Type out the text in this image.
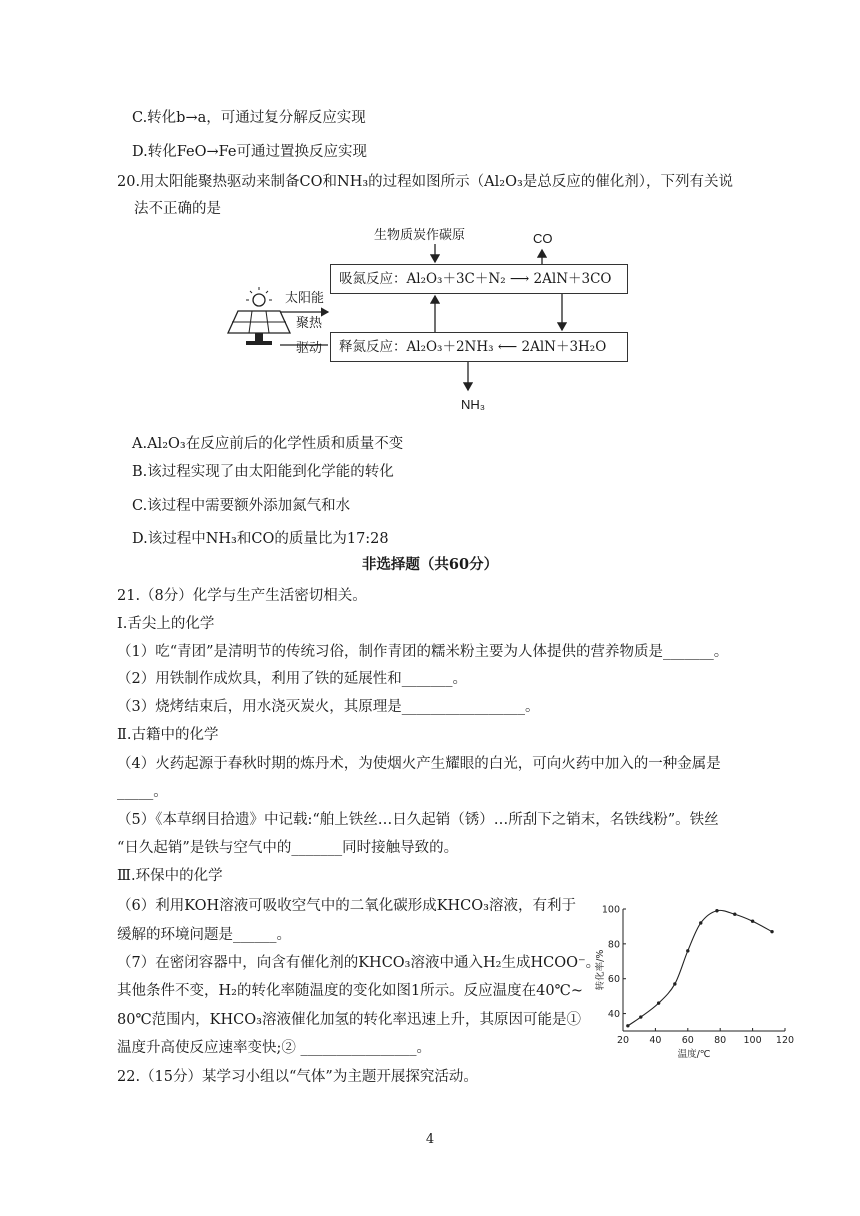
C.转化b→a，可通过复分解反应实现
D.转化FeO→Fe可通过置换反应实现
20.用太阳能聚热驱动来制备CO和NH₃的过程如图所示（Al₂O₃是总反应的催化剂），下列有关说
法不正确的是
生物质炭作碳原	CO
吸氮反应：Al₂O₃＋3C＋N₂ ⟶ 2AlN＋3CO
释氮反应：Al₂O₃＋2NH₃ ⟵ 2AlN＋3H₂O
NH₃
太阳能
聚热
驱动
A.Al₂O₃在反应前后的化学性质和质量不变
B.该过程实现了由太阳能到化学能的转化
C.该过程中需要额外添加氮气和水
D.该过程中NH₃和CO的质量比为17:28
非选择题（共60分）
21.（8分）化学与生产生活密切相关。
Ⅰ.舌尖上的化学
（1）吃“青团”是清明节的传统习俗，制作青团的糯米粉主要为人体提供的营养物质是_______。
（2）用铁制作成炊具，利用了铁的延展性和_______。
（3）烧烤结束后，用水浇灭炭火，其原理是_________________。
Ⅱ.古籍中的化学
（4）火药起源于春秋时期的炼丹术，为使烟火产生耀眼的白光，可向火药中加入的一种金属是
_____。
（5）《本草纲目拾遗》中记载:“舶上铁丝…日久起销（锈）…所刮下之销末，名铁线粉”。铁丝
“日久起销”是铁与空气中的_______同时接触导致的。
Ⅲ.环保中的化学
（6）利用KOH溶液可吸收空气中的二氧化碳形成KHCO₃溶液，有利于
缓解的环境问题是______。
（7）在密闭容器中，向含有催化剂的KHCO₃溶液中通入H₂生成HCOO⁻。
其他条件不变，H₂的转化率随温度的变化如图1所示。反应温度在40℃~
80℃范围内，KHCO₃溶液催化加氢的转化率迅速上升，其原因可能是①
温度升高使反应速率变快;② ________________。	20 40 60 80 100 120
40
60
80
100
温度/℃
转化率/%
22.（15分）某学习小组以“气体”为主题开展探究活动。
4
